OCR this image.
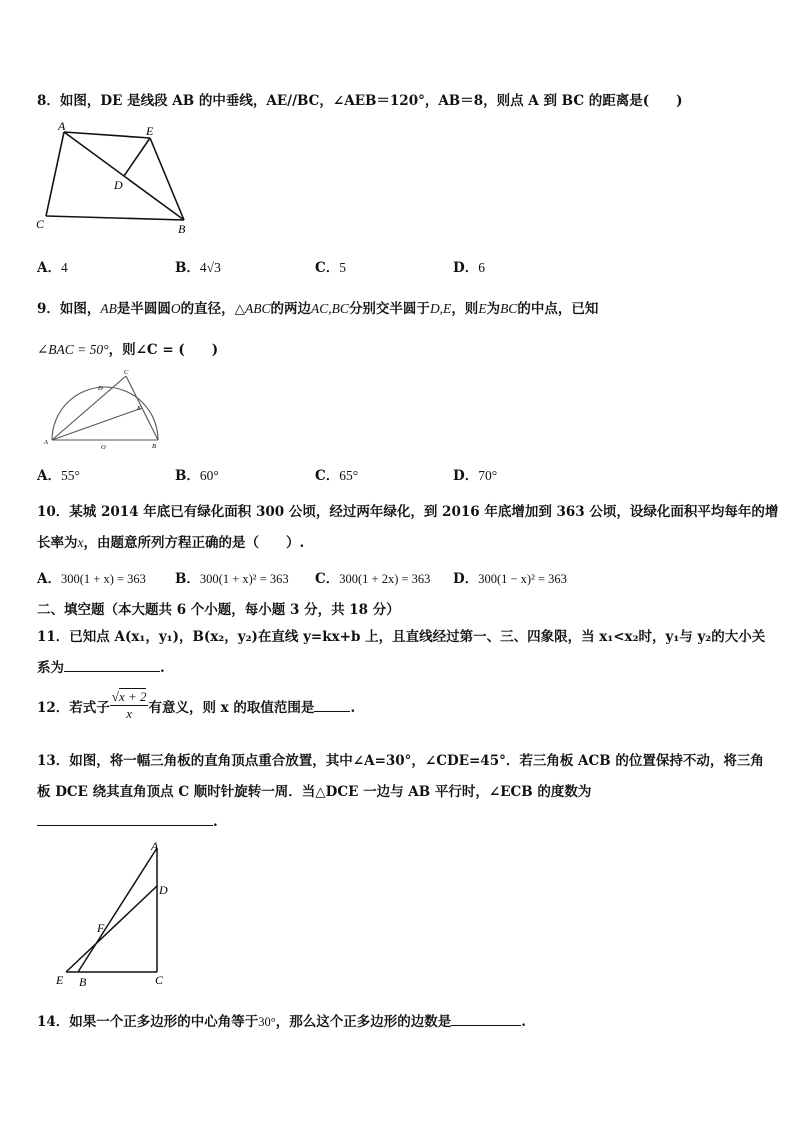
8．如图，DE 是线段 AB 的中垂线，AE//BC，∠AEB＝120°，AB＝8，则点 A 到 BC 的距离是(　　)
A	E
D
C	B
A．4	B．4√3	C．5	D．6
9．如图，AB是半圆圆O的直径，△ABC的两边AC,BC分别交半圆于D,E，则E为BC的中点，已知
∠BAC = 50°，则∠C = (　　)
A
B
O
D
C
E
A．55°	B．60°	C．65°	D．70°
10．某城 2014 年底已有绿化面积 300 公顷，经过两年绿化，到 2016 年底增加到 363 公顷，设绿化面积平均每年的增
长率为x，由题意所列方程正确的是（　　）.
A．300(1 + x) = 363 B．300(1 + x)² = 363 C．300(1 + 2x) = 363 D．300(1 − x)² = 363
二、填空题（本大题共 6 个小题，每小题 3 分，共 18 分）
11．已知点 A(x₁，y₁)，B(x₂，y₂)在直线 y=kx+b 上，且直线经过第一、三、四象限，当 x₁<x₂时，y₁与 y₂的大小关
系为	.
12．若式子 $\frac{√x + 2}{x}$ 有意义，则 x 的取值范围是	.
13．如图，将一幅三角板的直角顶点重合放置，其中∠A=30°，∠CDE=45°．若三角板 ACB 的位置保持不动，将三角
板 DCE 绕其直角顶点 C 顺时针旋转一周．当△DCE 一边与 AB 平行时，∠ECB 的度数为
.
A
D
F
E B	C
14．如果一个正多边形的中心角等于30°，那么这个正多边形的边数是	.
